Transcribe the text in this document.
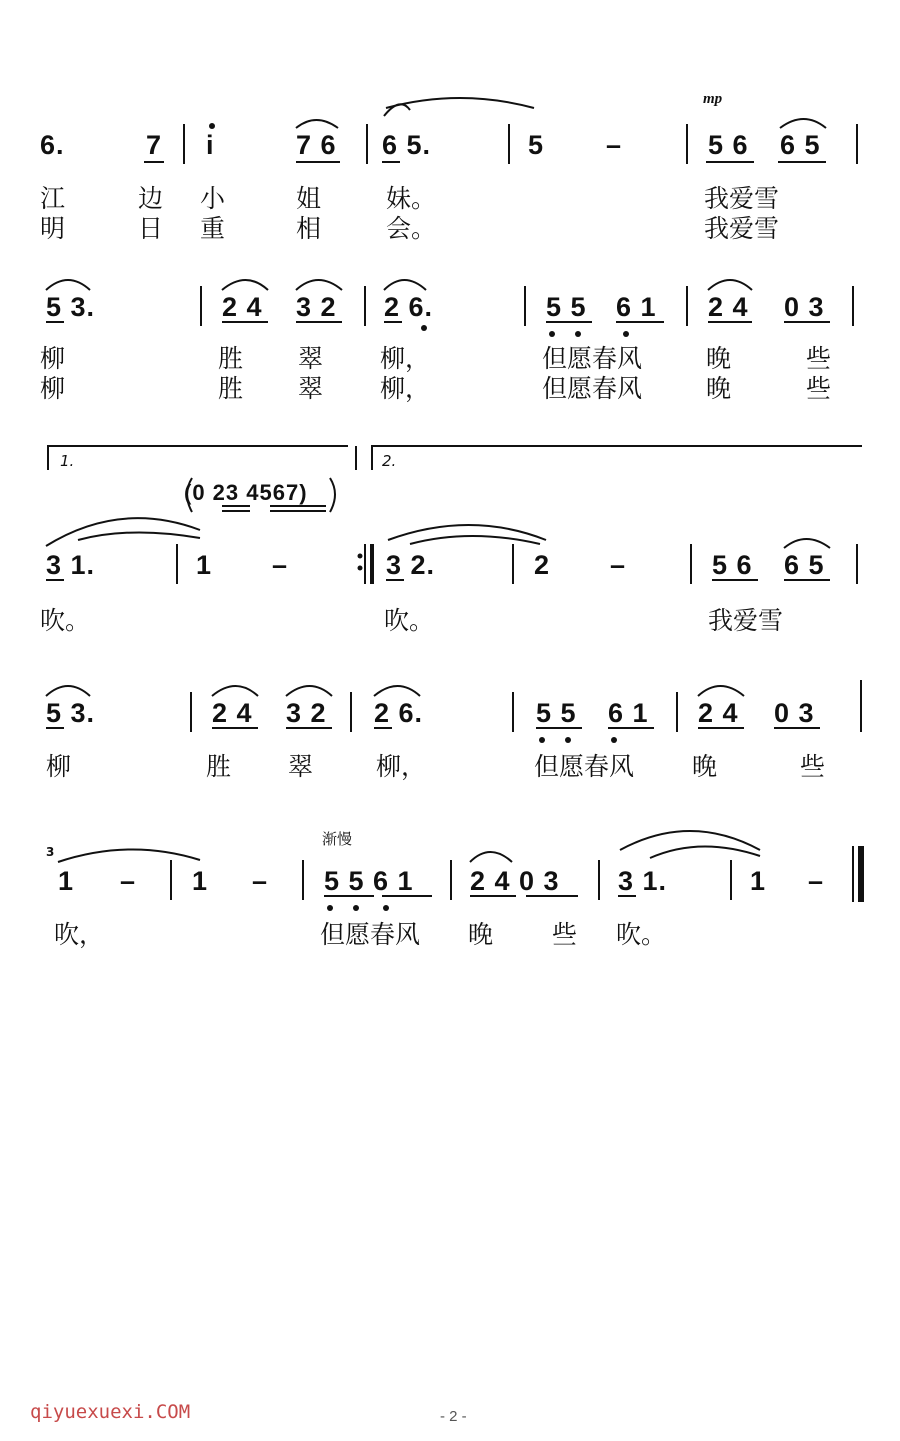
mp
6.	7 i	7 6 6 5.	5 –	5 6 6 5
江	边 小	姐	妹。	我爱雪
明	日 重	相	会。	我爱雪
5 3.	2 4 3 2 2 6.	5 5 6 1 2 4 0 3
柳	胜 翠 柳，	但愿春风	晚	些
柳	胜 翠 柳，	但愿春风	晚	些
1.	2.
(0 23 4567)
3 1.	1 –	3 2.	2 –	5 6 6 5
吹。	吹。	我爱雪
5 3.	2 4 3 2 2 6.	5 5 6 1 2 4 0 3
柳	胜 翠	柳，	但愿春风 晚	些
渐慢
3
1 – 1 – 5 5 6 1 2 4 0 3 3 1.	1 –
吹，	但愿春风 晚 些 吹。
qiyuexuexi.COM	- 2 -
